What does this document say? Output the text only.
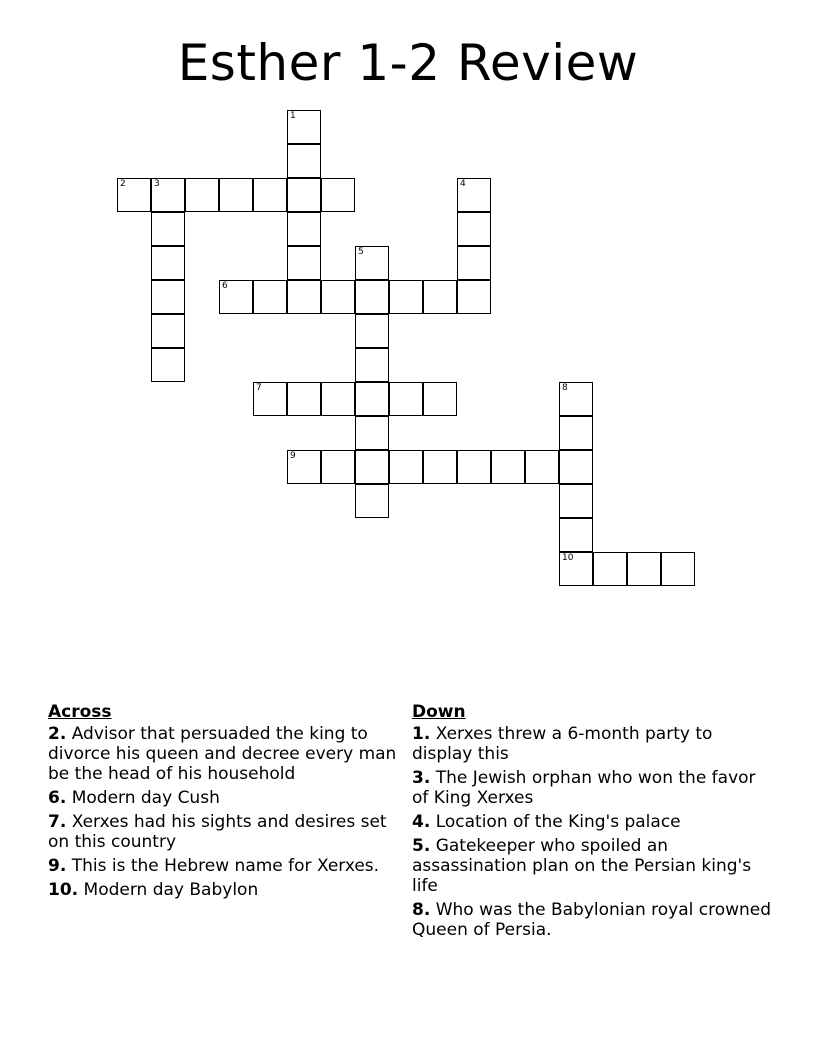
Esther 1-2 Review
1
2	3	4
5
6
7	8
10
9
Across
2. Advisor that persuaded the king to divorce his queen and decree every man be the head of his household
6. Modern day Cush
7. Xerxes had his sights and desires set on this country
9. This is the Hebrew name for Xerxes.
10. Modern day Babylon
Down
1. Xerxes threw a 6-month party to display this
3. The Jewish orphan who won the favor of King Xerxes
4. Location of the King's palace
5. Gatekeeper who spoiled an assassination plan on the Persian king's life
8. Who was the Babylonian royal crowned Queen of Persia.
